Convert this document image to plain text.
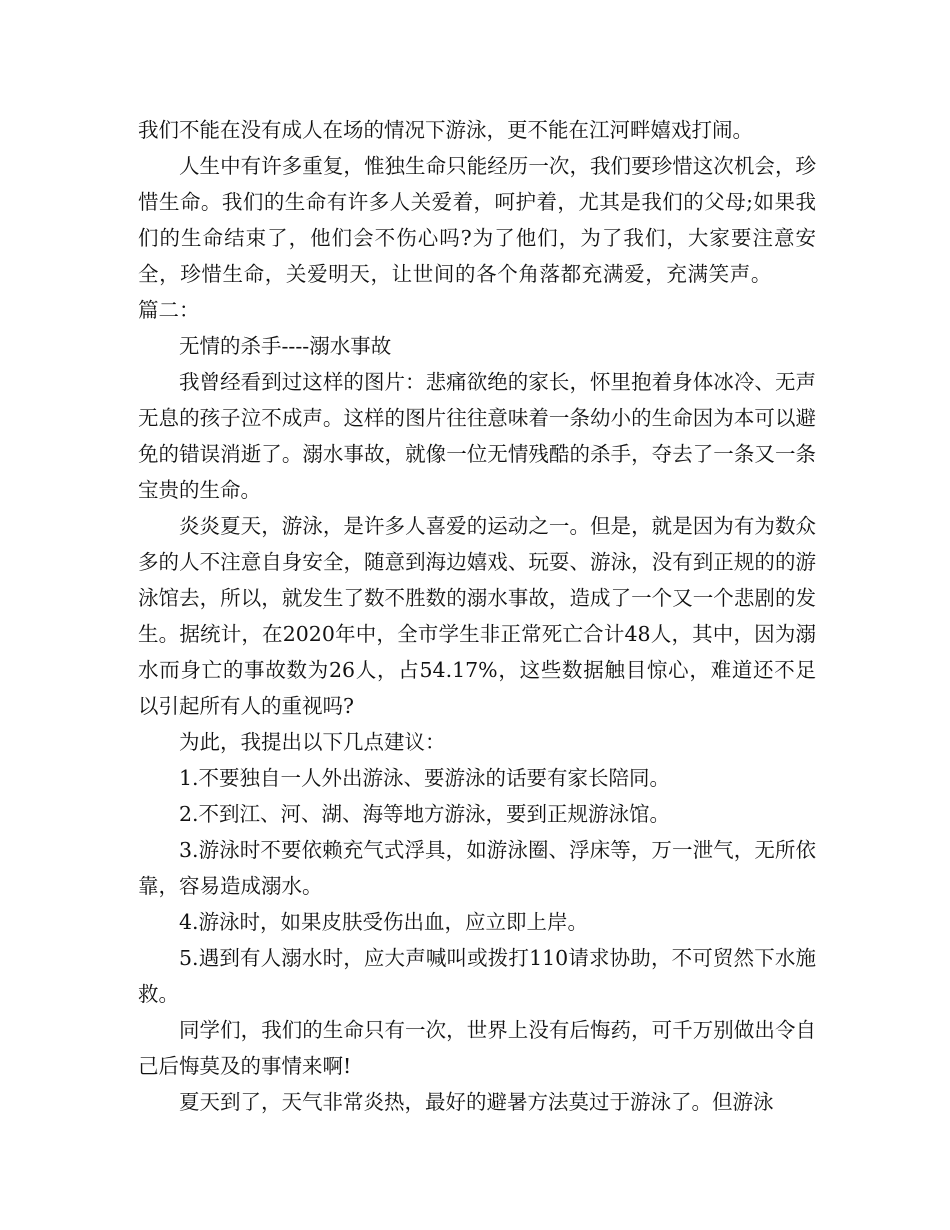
我们不能在没有成人在场的情况下游泳，更不能在江河畔嬉戏打闹。

人生中有许多重复，惟独生命只能经历一次，我们要珍惜这次机会，珍惜生命。我们的生命有许多人关爱着，呵护着，尤其是我们的父母;如果我们的生命结束了，他们会不伤心吗?为了他们，为了我们，大家要注意安全，珍惜生命，关爱明天，让世间的各个角落都充满爱，充满笑声。篇二：

无情的杀手----溺水事故

我曾经看到过这样的图片：悲痛欲绝的家长，怀里抱着身体冰冷、无声无息的孩子泣不成声。这样的图片往往意味着一条幼小的生命因为本可以避免的错误消逝了。溺水事故，就像一位无情残酷的杀手，夺去了一条又一条宝贵的生命。

炎炎夏天，游泳，是许多人喜爱的运动之一。但是，就是因为有为数众多的人不注意自身安全，随意到海边嬉戏、玩耍、游泳，没有到正规的的游泳馆去，所以，就发生了数不胜数的溺水事故，造成了一个又一个悲剧的发生。据统计，在2020年中，全市学生非正常死亡合计48人，其中，因为溺水而身亡的事故数为26人，占54.17%，这些数据触目惊心，难道还不足以引起所有人的重视吗?

为此，我提出以下几点建议：

1.不要独自一人外出游泳、要游泳的话要有家长陪同。

2.不到江、河、湖、海等地方游泳，要到正规游泳馆。

3.游泳时不要依赖充气式浮具，如游泳圈、浮床等，万一泄气，无所依靠，容易造成溺水。

4.游泳时，如果皮肤受伤出血，应立即上岸。

5.遇到有人溺水时，应大声喊叫或拨打110请求协助，不可贸然下水施救。

同学们，我们的生命只有一次，世界上没有后悔药，可千万别做出令自己后悔莫及的事情来啊!

夏天到了，天气非常炎热，最好的避暑方法莫过于游泳了。但游泳
